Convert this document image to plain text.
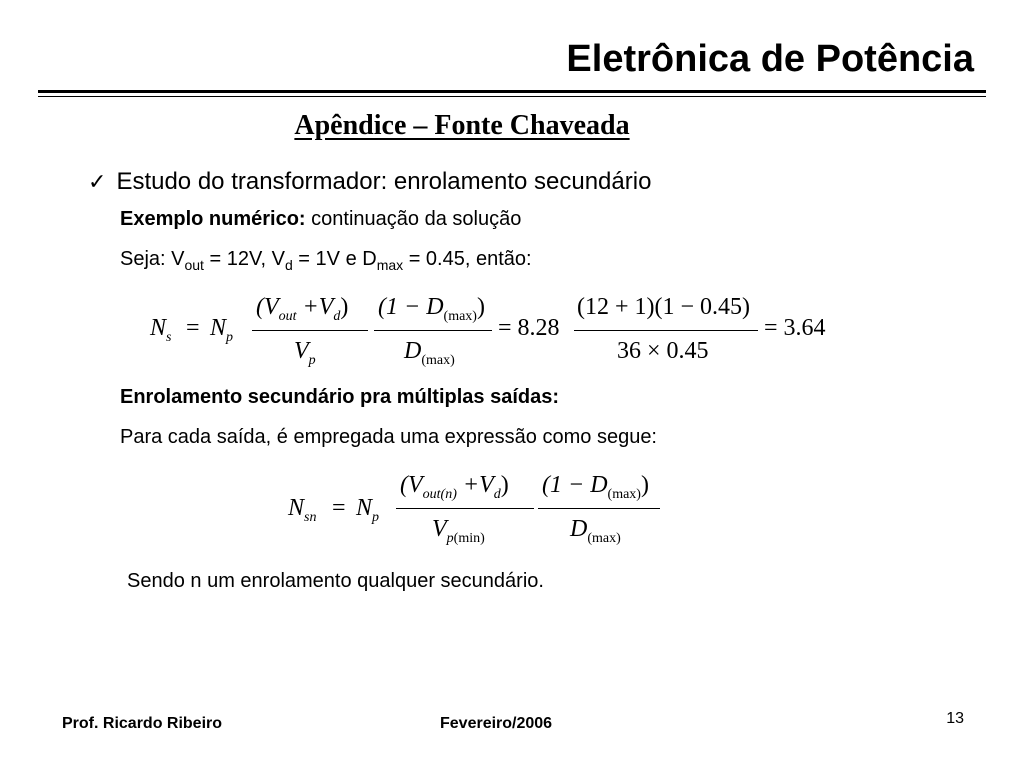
Eletrônica de Potência
Apêndice – Fonte Chaveada
✓ Estudo do transformador: enrolamento secundário
Exemplo numérico: continuação da solução
Seja: $V_{out} = 12V$, $V_d = 1V$ e $D_{max} = 0.45$, então:
$N_s = N_p$
$(V_{out} +V_d)$
$V_p$
$(1 - D_{(max)})$
$D_{(max)}$
= 8.28
(12 + 1)(1 − 0.45)
36 × 0.45
= 3.64
Enrolamento secundário pra múltiplas saídas:
Para cada saída, é empregada uma expressão como segue:
$N_{sn} = N_p$
$(V_{out(n)} +V_d)$
$V_{p(min)}$
$(1 - D_{(max)})$
$D_{(max)}$
Sendo n um enrolamento qualquer secundário.
Prof. Ricardo Ribeiro	Fevereiro/2006	13
